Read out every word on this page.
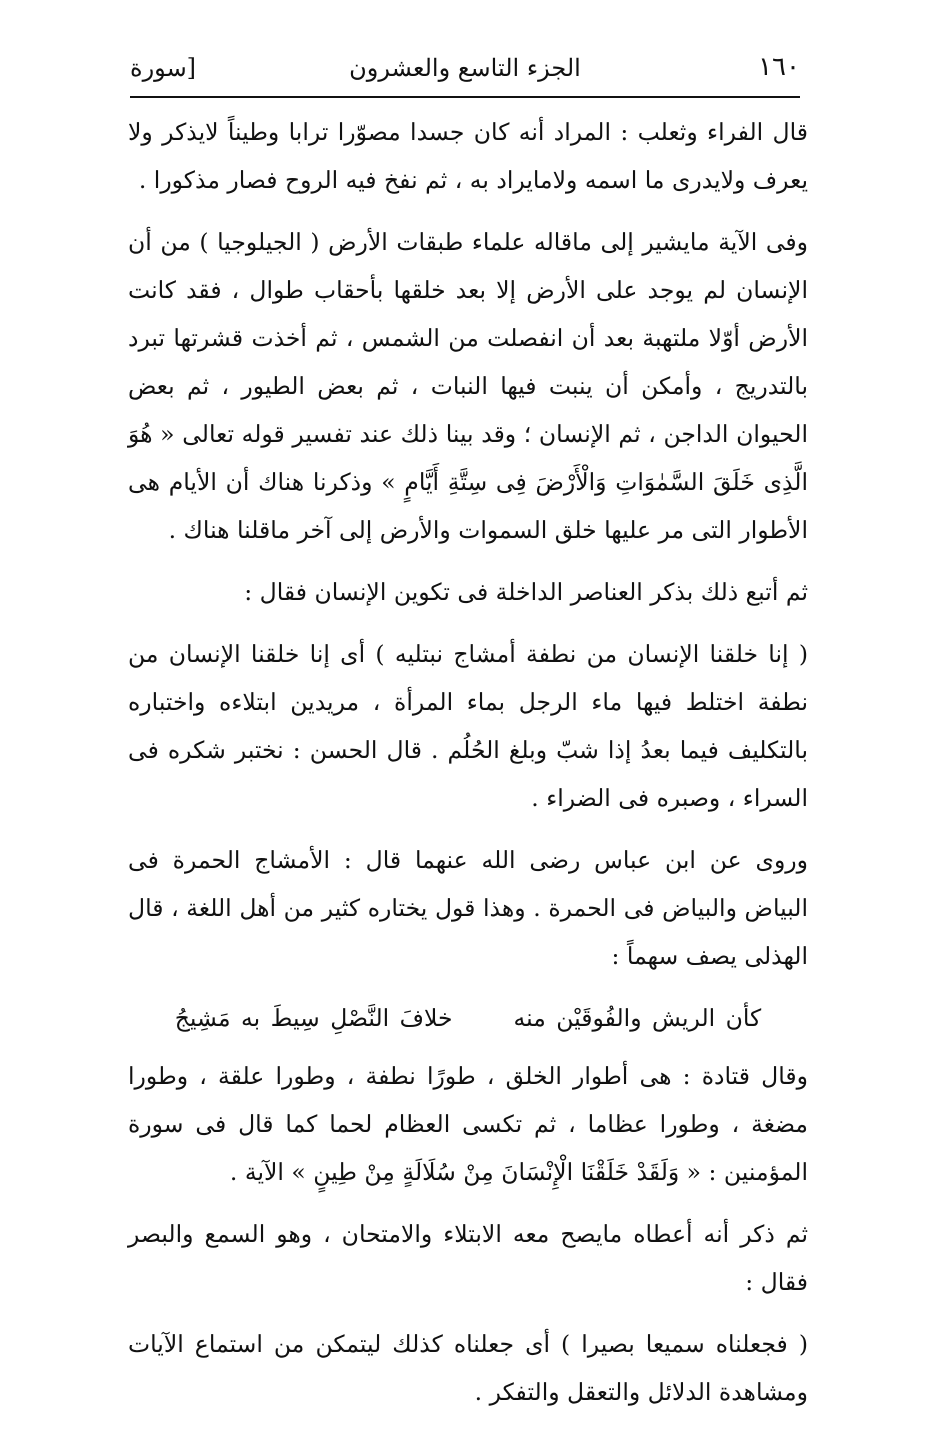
١٦٠
الجزء التاسع والعشرون
[سورة

قال الفراء وثعلب : المراد أنه كان جسدا مصوّرا ترابا وطيناً لايذكر ولا يعرف ولايدرى ما اسمه ولامايراد به ، ثم نفخ فيه الروح فصار مذكورا .

وفى الآية مايشير إلى ماقاله علماء طبقات الأرض ( الجيلوجيا ) من أن الإنسان لم يوجد على الأرض إلا بعد خلقها بأحقاب طوال ، فقد كانت الأرض أوّلا ملتهبة بعد أن انفصلت من الشمس ، ثم أخذت قشرتها تبرد بالتدريج ، وأمكن أن ينبت فيها النبات ، ثم بعض الطيور ، ثم بعض الحيوان الداجن ، ثم الإنسان ؛ وقد بينا ذلك عند تفسير قوله تعالى « هُوَ الَّذِى خَلَقَ السَّمٰوَاتِ وَالْأَرْضَ فِى سِتَّةِ أَيَّامٍ » وذكرنا هناك أن الأيام هى الأطوار التى مر عليها خلق السموات والأرض إلى آخر ماقلنا هناك .

ثم أتبع ذلك بذكر العناصر الداخلة فى تكوين الإنسان فقال :

( إنا خلقنا الإنسان من نطفة أمشاج نبتليه ) أى إنا خلقنا الإنسان من نطفة اختلط فيها ماء الرجل بماء المرأة ، مريدين ابتلاءه واختباره بالتكليف فيما بعدُ إذا شبّ وبلغ الحُلُم . قال الحسن : نختبر شكره فى السراء ، وصبره فى الضراء .

وروى عن ابن عباس رضى الله عنهما قال : الأمشاج الحمرة فى البياض والبياض فى الحمرة . وهذا قول يختاره كثير من أهل اللغة ، قال الهذلى يصف سهماً :

كأن الريش والفُوقَيْن منه  خلافَ النَّصْلِ سِيطَ به مَشِيجُ

وقال قتادة : هى أطوار الخلق ، طورًا نطفة ، وطورا علقة ، وطورا مضغة ، وطورا عظاما ، ثم تكسى العظام لحما كما قال فى سورة المؤمنين : « وَلَقَدْ خَلَقْنَا الْإِنْسَانَ مِنْ سُلَالَةٍ مِنْ طِينٍ » الآية .

ثم ذكر أنه أعطاه مايصح معه الابتلاء والامتحان ، وهو السمع والبصر فقال :

( فجعلناه سميعا بصيرا ) أى جعلناه كذلك ليتمكن من استماع الآيات ومشاهدة الدلائل والتعقل والتفكر .
